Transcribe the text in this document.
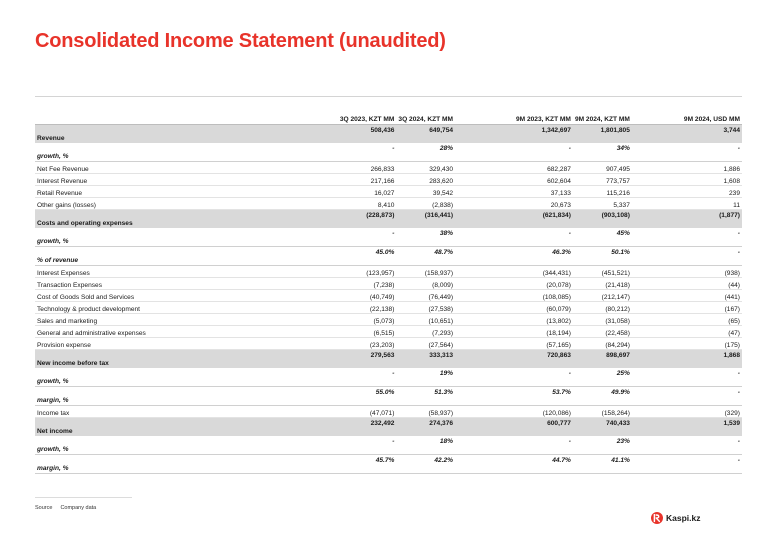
Consolidated Income Statement (unaudited)
	3Q 2023, KZT MM	3Q 2024, KZT MM	9M 2023, KZT MM	9M 2024, KZT MM	9M 2024, USD MM
Revenue	508,436	649,754	1,342,697	1,801,805	3,744
growth, %	-	28%	-	34%	-
Net Fee Revenue	266,833	329,430	682,287	907,495	1,886
Interest Revenue	217,166	283,620	602,604	773,757	1,608
Retail Revenue	16,027	39,542	37,133	115,216	239
Other gains (losses)	8,410	(2,838)	20,673	5,337	11
Costs and operating expenses	(228,873)	(316,441)	(621,834)	(903,108)	(1,877)
growth, %	-	38%	-	45%	-
% of revenue	45.0%	48.7%	46.3%	50.1%	-
Interest Expenses	(123,957)	(158,937)	(344,431)	(451,521)	(938)
Transaction Expenses	(7,238)	(8,009)	(20,078)	(21,418)	(44)
Cost of Goods Sold and Services	(40,749)	(76,449)	(108,085)	(212,147)	(441)
Technology & product development	(22,138)	(27,538)	(60,079)	(80,212)	(167)
Sales and marketing	(5,073)	(10,651)	(13,802)	(31,058)	(65)
General and administrative expenses	(6,515)	(7,293)	(18,194)	(22,458)	(47)
Provision expense	(23,203)	(27,564)	(57,165)	(84,294)	(175)
New income before tax	279,563	333,313	720,863	898,697	1,868
growth, %	-	19%	-	25%	-
margin, %	55.0%	51.3%	53.7%	49.9%	-
Income tax	(47,071)	(58,937)	(120,086)	(158,264)	(329)
Net income	232,492	274,376	600,777	740,433	1,539
growth, %	-	18%	-	23%	-
margin, %	45.7%	42.2%	44.7%	41.1%	-
Source Company data
Kaspi.kz
